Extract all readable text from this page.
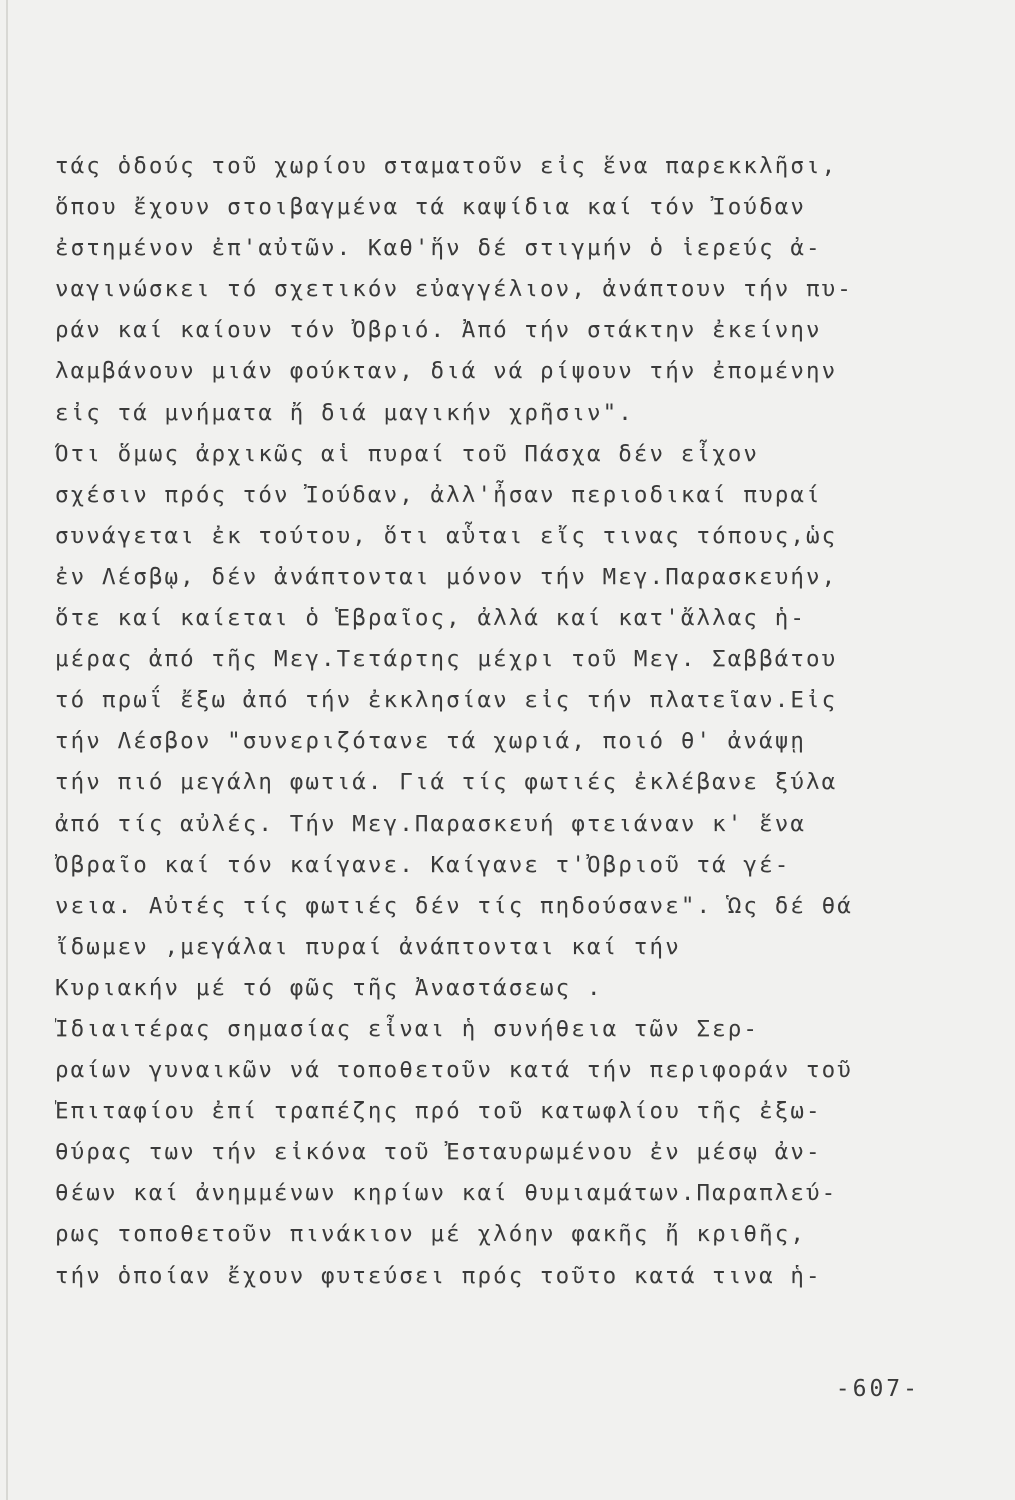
τάς ὁδούς τοῦ χωρίου σταματοῦν εἰς ἕνα παρεκκλῆσι,
ὅπου ἔχουν στοιβαγμένα τά καψίδια καί τόν Ἰούδαν
ἐστημένον ἐπ'αὐτῶν. Καθ'ἥν δέ στιγμήν ὁ ἱερεύς ἀ-
ναγινώσκει τό σχετικόν εὐαγγέλιον, ἀνάπτουν τήν πυ-
ράν καί καίουν τόν Ὀβριό. Ἀπό τήν στάκτην ἐκείνην
λαμβάνουν μιάν φούκταν, διά νά ρίψουν τήν ἐπομένην
εἰς τά μνήματα ἤ διά μαγικήν χρῆσιν".
Ὅτι ὅμως ἀρχικῶς αἱ πυραί τοῦ Πάσχα δέν εἶχον
σχέσιν πρός τόν Ἰούδαν, ἀλλ'ἦσαν περιοδικαί πυραί
συνάγεται ἐκ τούτου, ὅτι αὗται εἴς τινας τόπους,ὡς
ἐν Λέσβῳ, δέν ἀνάπτονται μόνον τήν Μεγ.Παρασκευήν,
ὅτε καί καίεται ὁ Ἑβραῖος, ἀλλά καί κατ'ἄλλας ἡ-
μέρας ἀπό τῆς Μεγ.Τετάρτης μέχρι τοῦ Μεγ. Σαββάτου
τό πρωΐ ἔξω ἀπό τήν ἐκκλησίαν εἰς τήν πλατεῖαν.Εἰς
τήν Λέσβον "συνεριζότανε τά χωριά, ποιό θ' ἀνάψῃ
τήν πιό μεγάλη φωτιά. Γιά τίς φωτιές ἐκλέβανε ξύλα
ἀπό τίς αὐλές. Τήν Μεγ.Παρασκευή φτειάναν κ' ἕνα
Ὀβραῖο καί τόν καίγανε. Καίγανε τ'Ὀβριοῦ τά γέ-
νεια. Αὐτές τίς φωτιές δέν τίς πηδούσανε". Ὡς δέ θά
ἴδωμεν ,μεγάλαι πυραί ἀνάπτονται καί τήν
Κυριακήν μέ τό φῶς τῆς Ἀναστάσεως .
Ἰδιαιτέρας σημασίας εἶναι ἡ συνήθεια τῶν Σερ-
ραίων γυναικῶν νά τοποθετοῦν κατά τήν περιφοράν τοῦ
Ἐπιταφίου ἐπί τραπέζης πρό τοῦ κατωφλίου τῆς ἐξω-
θύρας των τήν εἰκόνα τοῦ Ἐσταυρωμένου ἐν μέσῳ ἀν-
θέων καί ἀνημμένων κηρίων καί θυμιαμάτων.Παραπλεύ-
ρως τοποθετοῦν πινάκιον μέ χλόην φακῆς ἤ κριθῆς,
τήν ὁποίαν ἔχουν φυτεύσει πρός τοῦτο κατά τινα ἡ-
-607-
